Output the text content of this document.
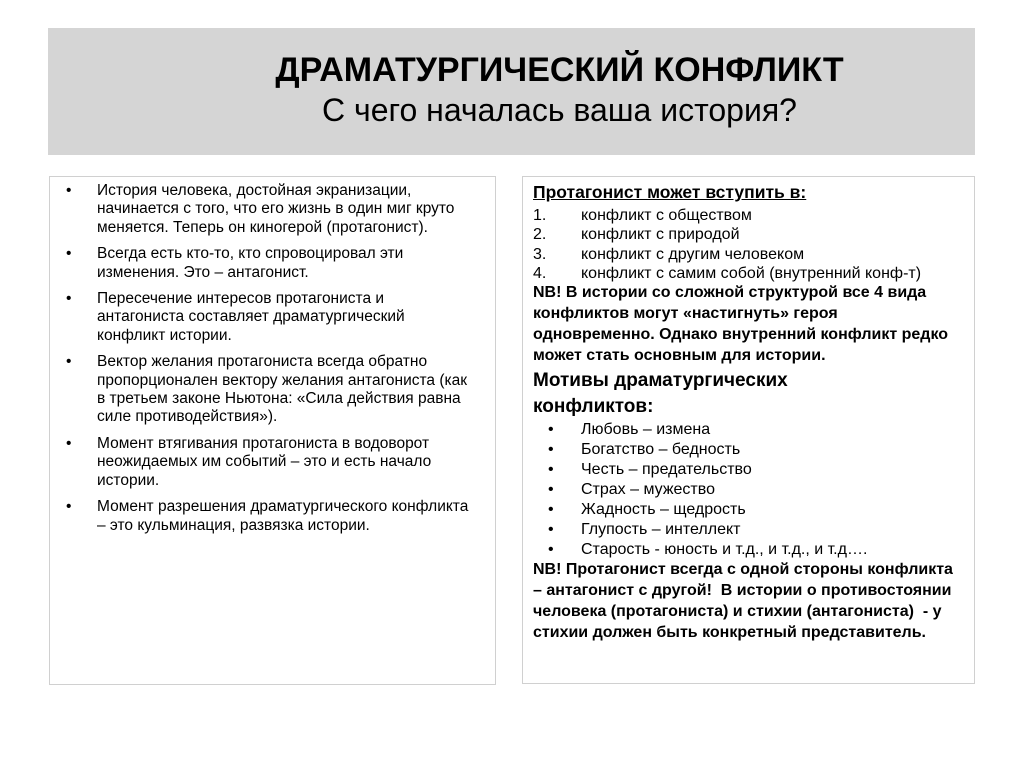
ДРАМАТУРГИЧЕСКИЙ КОНФЛИКТ
С чего началась ваша история?
• История человека, достойная экранизации, начинается с того, что его жизнь в один миг круто меняется. Теперь он киногерой (протагонист).
• Всегда есть кто-то, кто спровоцировал эти изменения. Это – антагонист.
• Пересечение интересов протагониста и антагониста составляет драматургический конфликт истории.
• Вектор желания протагониста всегда обратно пропорционален вектору желания антагониста (как в третьем законе Ньютона: «Сила действия равна силе противодействия»).
• Момент втягивания протагониста в водоворот неожидаемых им событий – это и есть начало истории.
• Момент разрешения драматургического конфликта – это кульминация, развязка истории.
Протагонист может вступить в:
1. конфликт с обществом
2. конфликт с природой
3. конфликт с другим человеком
4. конфликт с самим собой (внутренний конф-т)
NB! В истории со сложной структурой все 4 вида конфликтов могут «настигнуть» героя одновременно. Однако внутренний конфликт редко может стать основным для истории.
Мотивы драматургических конфликтов:
• Любовь – измена
• Богатство – бедность
• Честь – предательство
• Страх – мужество
• Жадность – щедрость
• Глупость – интеллект
• Старость - юность и т.д., и т.д., и т.д….
NB! Протагонист всегда с одной стороны конфликта – антагонист с другой!  В истории о противостоянии человека (протагониста) и стихии (антагониста)  - у стихии должен быть конкретный представитель.
